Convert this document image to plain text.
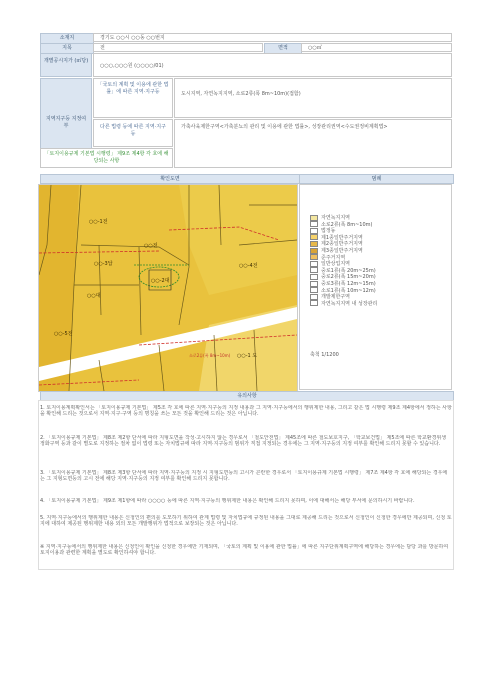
소재지	경기도 ○○시 ○○동 ○○번지
지목	전	면적	○○㎡
개별공시지가 (㎡당)
○○○,○○○원 (○○○○/01)
지역지구등 지정여부
「국토의 계획 및 이용에 관한 법률」에 따른 지역·지구등	도시지역, 자연녹지지역, 소로2류(폭 8m~10m)(접함)
다른 법령 등에 따른 지역·지구등
가축사육제한구역<가축분뇨의 관리 및 이용에 관한 법률>, 성장관리권역<수도권정비계획법>
「토지이용규제 기본법 시행령」 제9조 제4항 각 호에 해당되는 사항
확인도면	범례
○○-1전
○○전
○○-3답
○○-2대
○○대
○○-1 도
○○-4전
○○-5전
소로2류(폭 8m~10m)
자연녹지지역
소로2류(폭 8m~10m)
법정동
제1종일반주거지역
제2종일반주거지역
제3종일반주거지역
준주거지역
일반상업지역
중로1류(폭 20m~25m)
중로2류(폭 15m~20m)
중로3류(폭 12m~15m)
소로1류(폭 10m~12m)
개발제한구역
자연녹지지역 내 성장관리
축척 1/1200
유의사항
1. 토지이용계획확인서는 「토지이용규제 기본법」 제5조 각 호에 따른 지역·지구등의 지정 내용과 그 지역·지구등에서의 행위제한 내용, 그리고 같은 법 시행령 제9조 제4항에서 정하는 사항을 확인해 드리는 것으로서 지역·지구·구역 등의 명칭을 쓰는 모든 것을 확인해 드리는 것은 아닙니다.
2. 「토지이용규제 기본법」 제8조 제2항 단서에 따라 지형도면을 작성·고시하지 않는 경우로서 「철도안전법」 제45조에 따른 철도보호지구, 「학교보건법」 제5조에 따른 학교환경위생 정화구역 등과 같이 별도로 지정하는 절차 없이 법령 또는 자치법규에 따라 지역·지구등의 범위가 직접 지정되는 경우에는 그 지역·지구등의 지정 여부를 확인해 드리지 못할 수 있습니다.
3. 「토지이용규제 기본법」 제8조 제3항 단서에 따라 지역·지구등의 지정 시 지형도면등의 고시가 곤란한 경우로서 「토지이용규제 기본법 시행령」 제7조 제4항 각 호에 해당되는 경우에는 그 지형도면등의 고시 전에 해당 지역·지구등의 지정 여부를 확인해 드리지 못합니다.
4. 「토지이용규제 기본법」 제9조 제1항에 따라 ○○○○ 등에 따른 지역·지구등의 행위제한 내용은 확인해 드리지 못하며, 이에 대해서는 해당 부서에 문의하시기 바랍니다.
5. 지역·지구등에서의 행위제한 내용은 신청인의 편의를 도모하기 위하여 관계 법령 및 자치법규에 규정된 내용을 그대로 제공해 드리는 것으로서 신청인이 신청한 경우에만 제공되며, 신청 토지에 대하여 제공된 행위제한 내용 외의 모든 개발행위가 법적으로 보장되는 것은 아닙니다.
※ 지역·지구등에서의 행위제한 내용은 신청인이 확인을 신청한 경우에만 기재되며, 「국토의 계획 및 이용에 관한 법률」에 따른 지구단위계획구역에 해당하는 경우에는 담당 과를 방문하여 토지이용과 관련한 계획을 별도로 확인하셔야 합니다.
